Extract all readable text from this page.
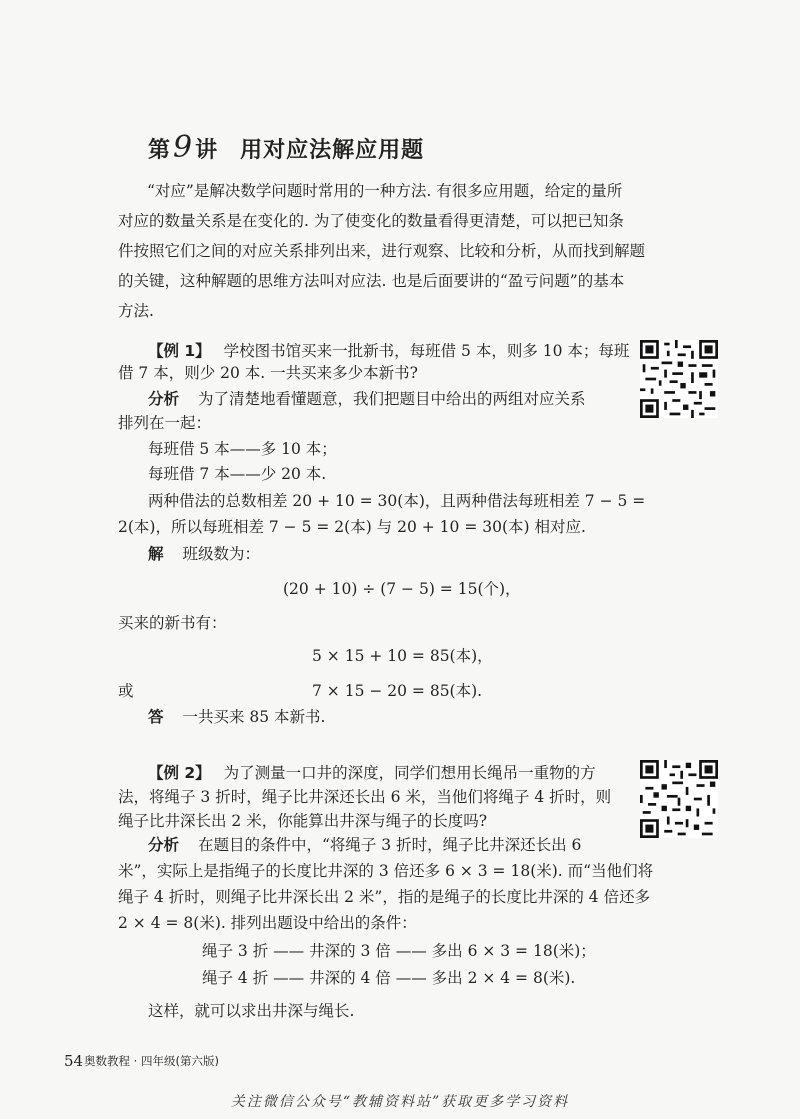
第9讲 用对应法解应用题
“对应”是解决数学问题时常用的一种方法. 有很多应用题，给定的量所
对应的数量关系是在变化的. 为了使变化的数量看得更清楚，可以把已知条
件按照它们之间的对应关系排列出来，进行观察、比较和分析，从而找到解题
的关键，这种解题的思维方法叫对应法. 也是后面要讲的“盈亏问题”的基本
方法.
【例 1】 学校图书馆买来一批新书，每班借 5 本，则多 10 本；每班
借 7 本，则少 20 本. 一共买来多少本新书?
分析 为了清楚地看懂题意，我们把题目中给出的两组对应关系
排列在一起：
每班借 5 本——多 10 本；
每班借 7 本——少 20 本.
两种借法的总数相差 20 + 10 = 30(本)，且两种借法每班相差 7 − 5 =
2(本)，所以每班相差 7 − 5 = 2(本) 与 20 + 10 = 30(本) 相对应.
解 班级数为：
(20 + 10) ÷ (7 − 5) = 15(个)，
买来的新书有：
5 × 15 + 10 = 85(本)，
或	7 × 15 − 20 = 85(本).
答 一共买来 85 本新书.
【例 2】 为了测量一口井的深度，同学们想用长绳吊一重物的方
法，将绳子 3 折时，绳子比井深还长出 6 米，当他们将绳子 4 折时，则
绳子比井深长出 2 米，你能算出井深与绳子的长度吗?
分析 在题目的条件中，“将绳子 3 折时，绳子比井深还长出 6
米”，实际上是指绳子的长度比井深的 3 倍还多 6 × 3 = 18(米). 而“当他们将
绳子 4 折时，则绳子比井深长出 2 米”，指的是绳子的长度比井深的 4 倍还多
2 × 4 = 8(米). 排列出题设中给出的条件：
绳子 3 折 —— 井深的 3 倍 —— 多出 6 × 3 = 18(米)；
绳子 4 折 —— 井深的 4 倍 —— 多出 2 × 4 = 8(米).
这样，就可以求出井深与绳长.
54 奥数教程 · 四年级(第六版)
关注微信公众号“教辅资料站”获取更多学习资料
